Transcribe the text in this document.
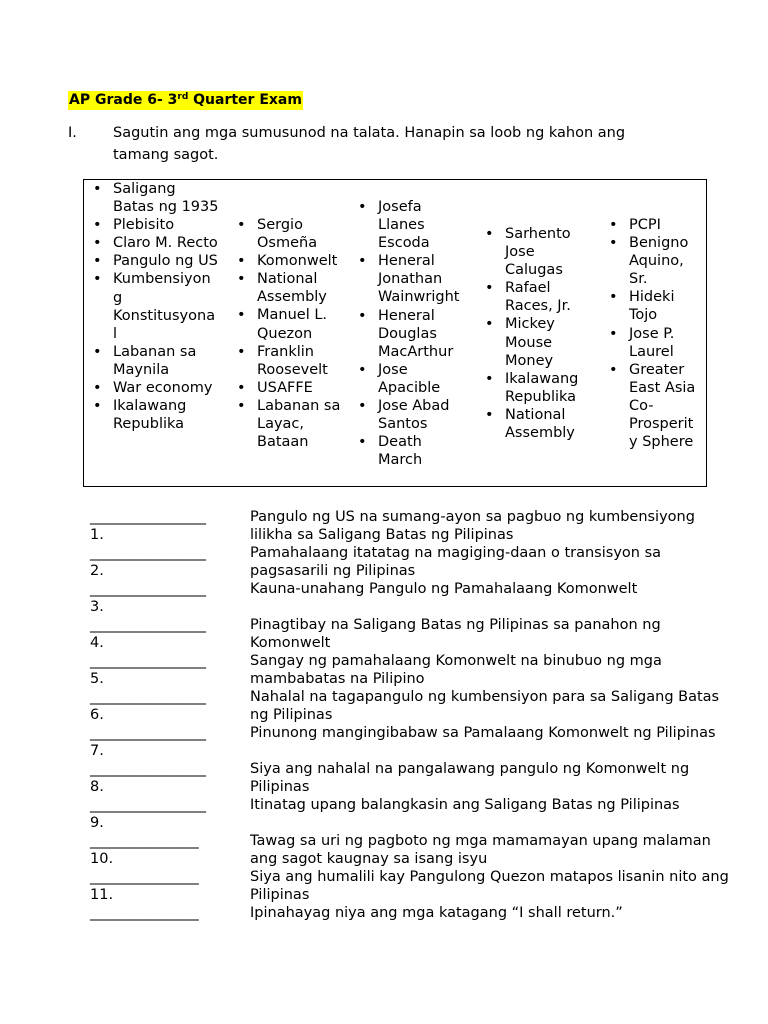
AP Grade 6- 3rd Quarter Exam
I. Sagutin ang mga sumusunod na talata. Hanapin sa loob ng kahon ang tamang sagot.
• Saligang Batas ng 1935
• Plebisito
• Claro M. Recto
• Pangulo ng US
• Kumbensiyon g Konstitusyona l
• Labanan sa Maynila
• War economy
• Ikalawang Republika
• Sergio Osmeña
• Komonwelt
• National Assembly
• Manuel L. Quezon
• Franklin Roosevelt
• USAFFE
• Labanan sa Layac, Bataan
• Josefa Llanes Escoda
• Heneral Jonathan Wainwright
• Heneral Douglas MacArthur
• Jose Apacible
• Jose Abad Santos
• Death March
• Sarhento Jose Calugas
• Rafael Races, Jr.
• Mickey Mouse Money
• Ikalawang Republika
• National Assembly
• PCPI
• Benigno Aquino, Sr.
• Hideki Tojo
• Jose P. Laurel
• Greater East Asia Co-Prosperit y Sphere
________________
1.
Pangulo ng US na sumang-ayon sa pagbuo ng kumbensiyong lilikha sa Saligang Batas ng Pilipinas
________________
2.
Pamahalaang itatatag na magiging-daan o transisyon sa pagsasarili ng Pilipinas
________________
3.
Kauna-unahang Pangulo ng Pamahalaang Komonwelt
________________
4.
Pinagtibay na Saligang Batas ng Pilipinas sa panahon ng Komonwelt
________________
5.
Sangay ng pamahalaang Komonwelt na binubuo ng mga mambabatas na Pilipino
________________
6.
Nahalal na tagapangulo ng kumbensiyon para sa Saligang Batas ng Pilipinas
________________
7.
Pinunong mangingibabaw sa Pamalaang Komonwelt ng Pilipinas
________________
8.
Siya ang nahalal na pangalawang pangulo ng Komonwelt ng Pilipinas
________________
9.
Itinatag upang balangkasin ang Saligang Batas ng Pilipinas
_______________
10.
Tawag sa uri ng pagboto ng mga mamamayan upang malaman ang sagot kaugnay sa isang isyu
_______________
11.
Siya ang humalili kay Pangulong Quezon matapos lisanin nito ang Pilipinas
_______________	Ipinahayag niya ang mga katagang “I shall return.”
